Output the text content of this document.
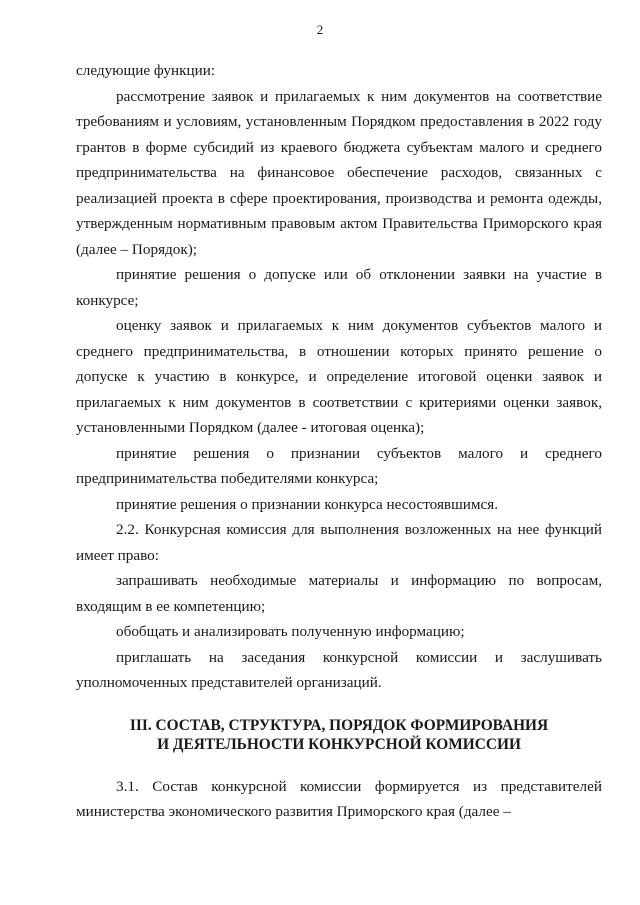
2

следующие функции:

рассмотрение заявок и прилагаемых к ним документов на соответствие требованиям и условиям, установленным Порядком предоставления в 2022 году грантов в форме субсидий из краевого бюджета субъектам малого и среднего предпринимательства на финансовое обеспечение расходов, связанных с реализацией проекта в сфере проектирования, производства и ремонта одежды, утвержденным нормативным правовым актом Правительства Приморского края (далее – Порядок);

принятие решения о допуске или об отклонении заявки на участие в конкурсе;

оценку заявок и прилагаемых к ним документов субъектов малого и среднего предпринимательства, в отношении которых принято решение о допуске к участию в конкурсе, и определение итоговой оценки заявок и прилагаемых к ним документов в соответствии с критериями оценки заявок, установленными Порядком (далее - итоговая оценка);

принятие решения о признании субъектов малого и среднего предпринимательства победителями конкурса;

принятие решения о признании конкурса несостоявшимся.

2.2. Конкурсная комиссия для выполнения возложенных на нее функций имеет право:

запрашивать необходимые материалы и информацию по вопросам, входящим в ее компетенцию;

обобщать и анализировать полученную информацию;

приглашать на заседания конкурсной комиссии и заслушивать уполномоченных представителей организаций.

III. СОСТАВ, СТРУКТУРА, ПОРЯДОК ФОРМИРОВАНИЯ
И ДЕЯТЕЛЬНОСТИ КОНКУРСНОЙ КОМИССИИ

3.1. Состав конкурсной комиссии формируется из представителей министерства экономического развития Приморского края (далее –
